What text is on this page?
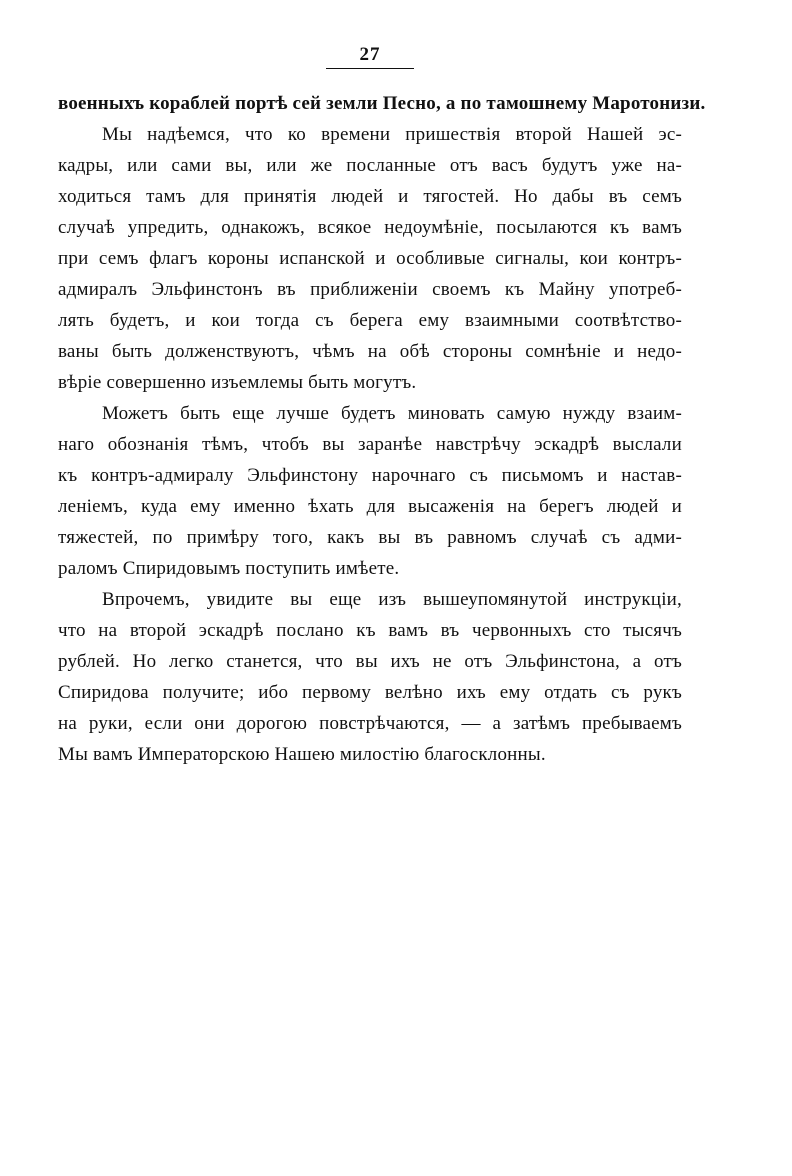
27
военныхъ кораблей портѣ сей земли Песно, а по тамошнему Маротонизи.
Мы надѣемся, что ко времени пришествія второй Нашей эс-
кадры, или сами вы, или же посланные отъ васъ будутъ уже на-
ходиться тамъ для принятія людей и тягостей. Но дабы въ семъ
случаѣ упредить, однакожъ, всякое недоумѣніе, посылаются къ вамъ
при семъ флагъ короны испанской и особливые сигналы, кои контръ-
адмиралъ Эльфинстонъ въ приближеніи своемъ къ Майну употреб-
лять будетъ, и кои тогда съ берега ему взаимными соотвѣтство-
ваны быть долженствуютъ, чѣмъ на обѣ стороны сомнѣніе и недо-
вѣріе совершенно изъемлемы быть могутъ.
Можетъ быть еще лучше будетъ миновать самую нужду взаим-
наго обознанія тѣмъ, чтобъ вы заранѣе навстрѣчу эскадрѣ выслали
къ контръ-адмиралу Эльфинстону нарочнаго съ письмомъ и настав-
леніемъ, куда ему именно ѣхать для высаженія на берегъ людей и
тяжестей, по примѣру того, какъ вы въ равномъ случаѣ съ адми-
раломъ Спиридовымъ поступить имѣете.
Впрочемъ, увидите вы еще изъ вышеупомянутой инструкціи,
что на второй эскадрѣ послано къ вамъ въ червонныхъ сто тысячъ
рублей. Но легко станется, что вы ихъ не отъ Эльфинстона, а отъ
Спиридова получите; ибо первому велѣно ихъ ему отдать съ рукъ
на руки, если они дорогою повстрѣчаются, — а затѣмъ пребываемъ
Мы вамъ Императорскою Нашею милостію благосклонны.
